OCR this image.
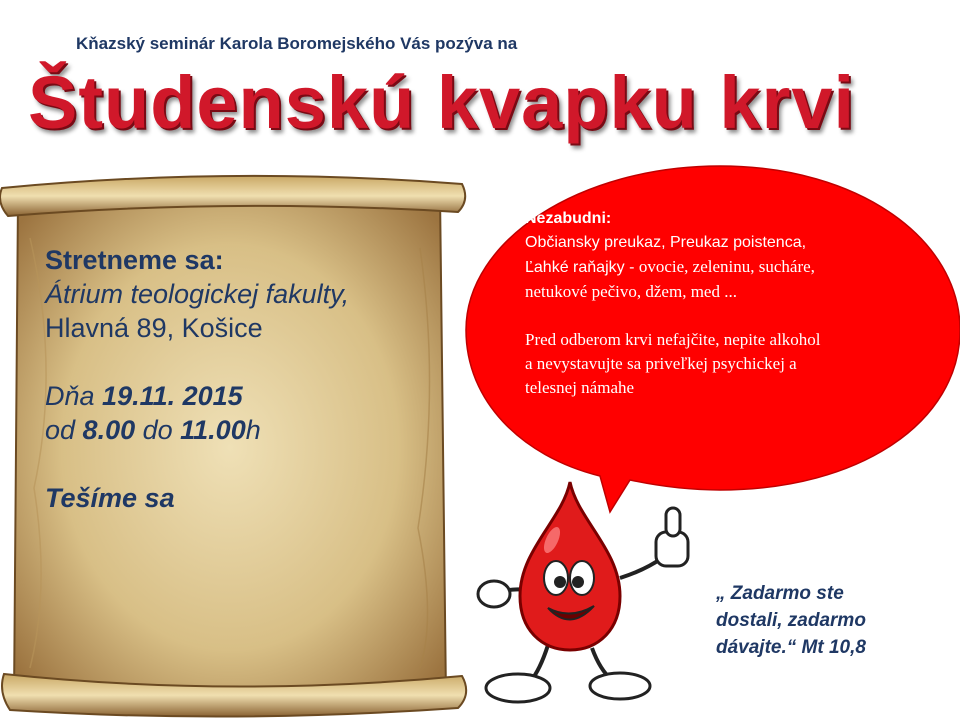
Kňazský seminár Karola Boromejského Vás pozýva na
Študenskú kvapku krvi
Stretneme sa:
Átrium teologickej fakulty,
Hlavná 89, Košice
Dňa 19.11. 2015
od 8.00 do 11.00h
Tešíme sa
Nezabudni:
Občiansky preukaz, Preukaz poistenca,
Ľahké raňajky - ovocie, zeleninu, sucháre,
netukové pečivo, džem, med ...
Pred odberom krvi nefajčite, nepite alkohol
a nevystavujte sa priveľkej psychickej a
telesnej námahe
„ Zadarmo ste
dostali, zadarmo
dávajte.“ Mt 10,8
